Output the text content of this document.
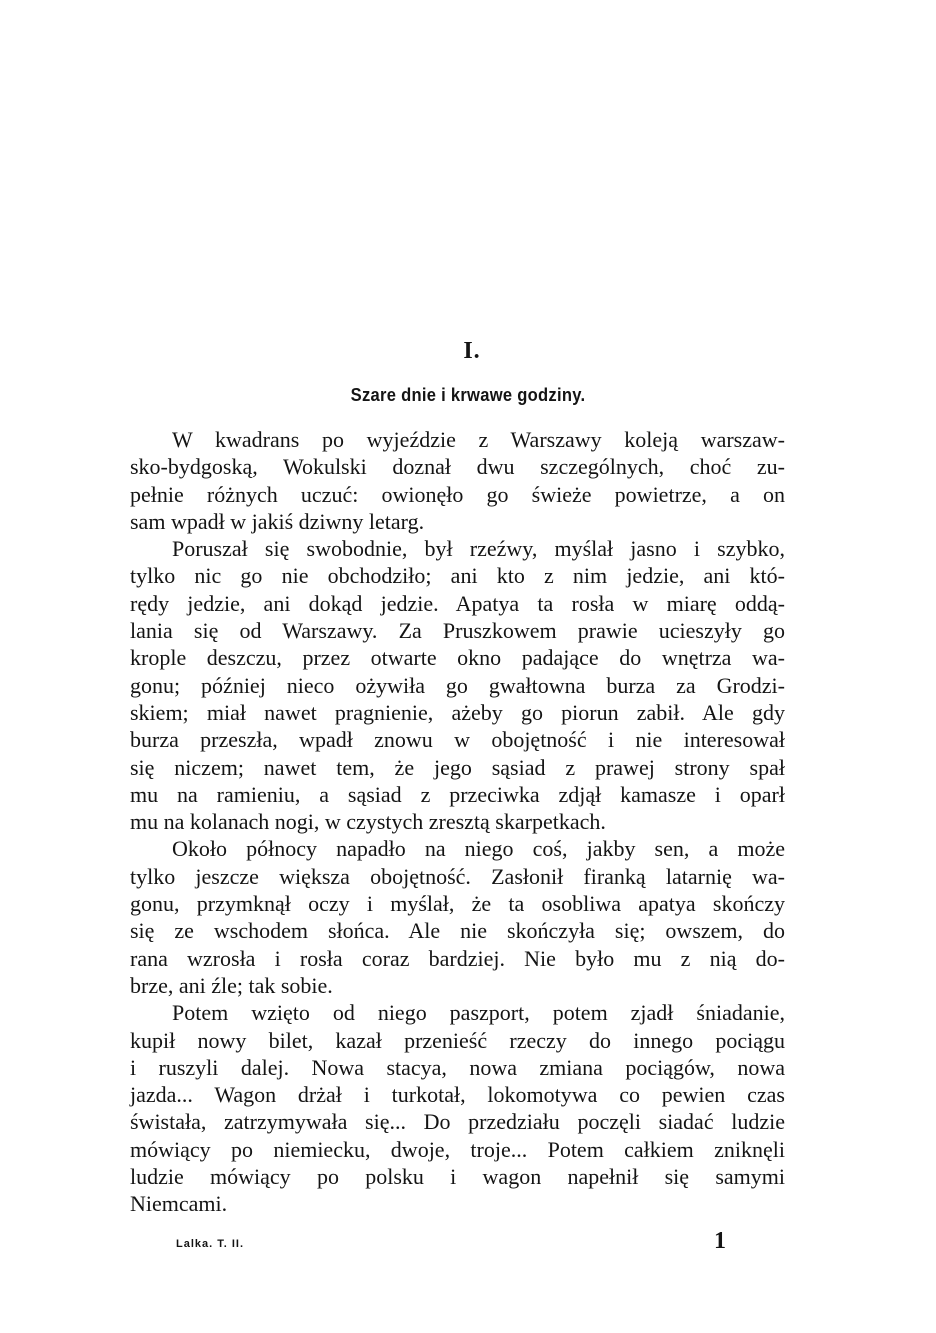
I.
Szare dnie i krwawe godziny.
W kwadrans po wyjeździe z Warszawy koleją warszaw-
sko-bydgoską, Wokulski doznał dwu szczególnych, choć zu-
pełnie różnych uczuć: owionęło go świeże powietrze, a on
sam wpadł w jakiś dziwny letarg.
Poruszał się swobodnie, był rzeźwy, myślał jasno i szybko,
tylko nic go nie obchodziło; ani kto z nim jedzie, ani któ-
rędy jedzie, ani dokąd jedzie. Apatya ta rosła w miarę oddą-
lania się od Warszawy. Za Pruszkowem prawie ucieszyły go
krople deszczu, przez otwarte okno padające do wnętrza wa-
gonu; później nieco ożywiła go gwałtowna burza za Grodzi-
skiem; miał nawet pragnienie, ażeby go piorun zabił. Ale gdy
burza przeszła, wpadł znowu w obojętność i nie interesował
się niczem; nawet tem, że jego sąsiad z prawej strony spał
mu na ramieniu, a sąsiad z przeciwka zdjął kamasze i oparł
mu na kolanach nogi, w czystych zresztą skarpetkach.
Około północy napadło na niego coś, jakby sen, a może
tylko jeszcze większa obojętność. Zasłonił firanką latarnię wa-
gonu, przymknął oczy i myślał, że ta osobliwa apatya skończy
się ze wschodem słońca. Ale nie skończyła się; owszem, do
rana wzrosła i rosła coraz bardziej. Nie było mu z nią do-
brze, ani źle; tak sobie.
Potem wzięto od niego paszport, potem zjadł śniadanie,
kupił nowy bilet, kazał przenieść rzeczy do innego pociągu
i ruszyli dalej. Nowa stacya, nowa zmiana pociągów, nowa
jazda... Wagon drżał i turkotał, lokomotywa co pewien czas
świstała, zatrzymywała się... Do przedziału poczęli siadać ludzie
mówiący po niemiecku, dwoje, troje... Potem całkiem zniknęli
ludzie mówiący po polsku i wagon napełnił się samymi
Niemcami.
Lalka. T. II.	1
